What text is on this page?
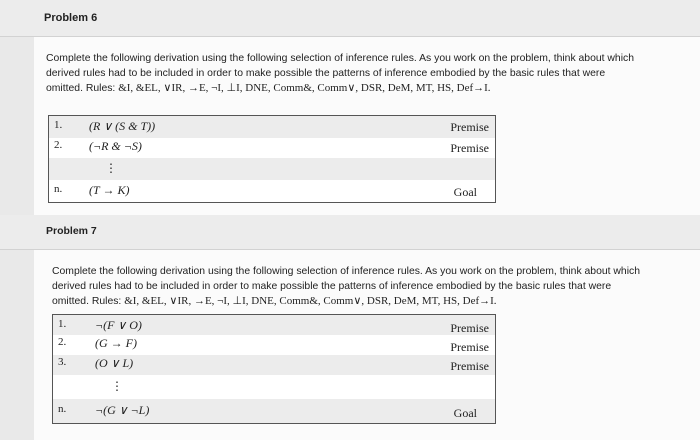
Problem 6
Complete the following derivation using the following selection of inference rules. As you work on the problem, think about which
derived rules had to be included in order to make possible the patterns of inference embodied by the basic rules that were
omitted. Rules: &I, &EL, ∨IR, →E, ¬I, ⊥I, DNE, Comm&, Comm∨, DSR, DeM, MT, HS, Def→I.
1. (R ∨ (S & T))	Premise
2. (¬R & ¬S)	Premise
⋮
n. (T → K)	Goal
Problem 7
Complete the following derivation using the following selection of inference rules. As you work on the problem, think about which
derived rules had to be included in order to make possible the patterns of inference embodied by the basic rules that were
omitted. Rules: &I, &EL, ∨IR, →E, ¬I, ⊥I, DNE, Comm&, Comm∨, DSR, DeM, MT, HS, Def→I.
1. ¬(F ∨ O)	Premise
2. (G → F)	Premise
3. (O ∨ L)	Premise
⋮
n. ¬(G ∨ ¬L)	Goal
